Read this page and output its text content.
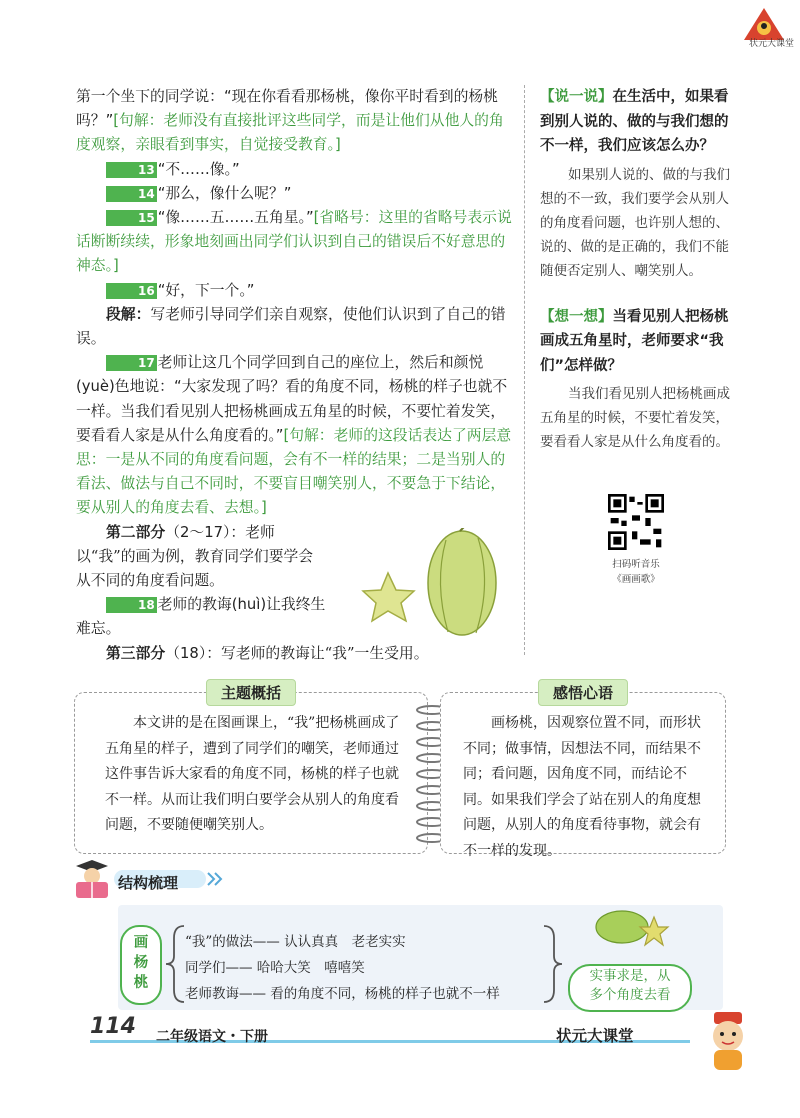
状元大课堂

第一个坐下的同学说：“现在你看看那杨桃，像你平时看到的杨桃吗？”[句解：老师没有直接批评这些同学，而是让他们从他人的角度观察，亲眼看到事实，自觉接受教育。]

13 “不……像。”

14 “那么，像什么呢？”

15 “像……五……五角星。”[省略号：这里的省略号表示说话断断续续，形象地刻画出同学们认识到自己的错误后不好意思的神态。]

16 “好，下一个。”

段解：写老师引导同学们亲自观察，使他们认识到了自己的错误。

17 老师让这几个同学回到自己的座位上，然后和颜悦(yuè)色地说：“大家发现了吗？看的角度不同，杨桃的样子也就不一样。当我们看见别人把杨桃画成五角星的时候，不要忙着发笑，要看看人家是从什么角度看的。”[句解：老师的这段话表达了两层意思：一是从不同的角度看问题，会有不一样的结果；二是当别人的看法、做法与自己不同时，不要盲目嘲笑别人，不要急于下结论，要从别人的角度去看、去想。]

第二部分（2～17）：老师以“我”的画为例，教育同学们要学会从不同的角度看问题。

18 老师的教诲(huì)让我终生难忘。

第三部分（18）：写老师的教诲让“我”一生受用。

【说一说】在生活中，如果看到别人说的、做的与我们想的不一样，我们应该怎么办？
如果别人说的、做的与我们想的不一致，我们要学会从别人的角度看问题，也许别人想的、说的、做的是正确的，我们不能随便否定别人、嘲笑别人。
【想一想】当看见别人把杨桃画成五角星时，老师要求“我们”怎样做？
当我们看见别人把杨桃画成五角星的时候，不要忙着发笑，要看看人家是从什么角度看的。
扫码听音乐
《画画歌》
主题概括
本文讲的是在图画课上，“我”把杨桃画成了五角星的样子，遭到了同学们的嘲笑，老师通过这件事告诉大家看的角度不同，杨桃的样子也就不一样。从而让我们明白要学会从别人的角度看问题，不要随便嘲笑别人。
感悟心语
画杨桃，因观察位置不同，而形状不同；做事情，因想法不同，而结果不同；看问题，因角度不同，而结论不同。如果我们学会了站在别人的角度想问题，从别人的角度看待事物，就会有不一样的发现。
结构梳理
画
杨
桃
“我”的做法—— 认认真真　老老实实
同学们—— 哈哈大笑　嘻嘻笑
老师教诲—— 看的角度不同，杨桃的样子也就不一样
实事求是，从
多个角度去看
114 二年级语文・下册	状元大课堂
